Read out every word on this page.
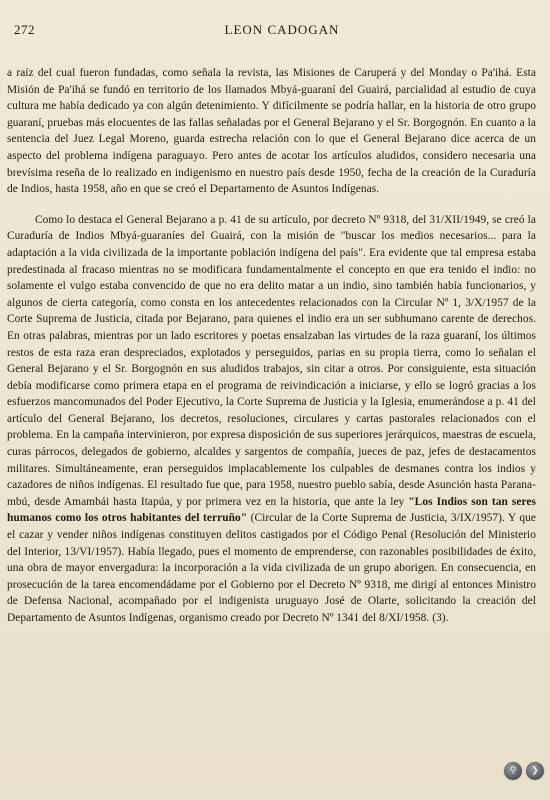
272	LEON CADOGAN

a raíz del cual fueron fundadas, como señala la revista, las Misiones de Caruperá y del Monday o Pa'ihá. Esta Misión de Pa'ihá se fundó en territorio de los llamados Mbyá-guaraní del Guairá, parcialidad al estudio de cuya cultura me había dedicado ya con algún detenimiento. Y difícilmente se podría hallar, en la historia de otro grupo guaraní, pruebas más elocuentes de las fallas señaladas por el General Bejarano y el Sr. Borgognón. En cuanto a la sentencia del Juez Legal Moreno, guarda estrecha relación con lo que el General Bejarano dice acerca de un aspecto del problema indígena paraguayo. Pero antes de acotar los artículos aludidos, considero necesaria una brevísima reseña de lo realizado en indigenismo en nuestro país desde 1950, fecha de la creación de la Curaduría de Indios, hasta 1958, año en que se creó el Departamento de Asuntos Indígenas.

Como lo destaca el General Bejarano a p. 41 de su artículo, por decreto Nº 9318, del 31/XII/1949, se creó la Curaduría de Indios Mbyá-guaraníes del Guairá, con la misión de "buscar los medios necesarios... para la adaptación a la vida civilizada de la importante población indígena del país". Era evidente que tal empresa estaba predestinada al fracaso mientras no se modificara fundamentalmente el concepto en que era tenido el indio: no solamente el vulgo estaba convencido de que no era delito matar a un indio, sino también había funcionarios, y algunos de cierta categoría, como consta en los antecedentes relacionados con la Circular Nº 1, 3/X/1957 de la Corte Suprema de Justicia, citada por Bejarano, para quienes el indio era un ser subhumano carente de derechos. En otras palabras, mientras por un lado escritores y poetas ensalzaban las virtudes de la raza guaraní, los últimos restos de esta raza eran despreciados, explotados y perseguidos, parias en su propia tierra, como lo señalan el General Bejarano y el Sr. Borgognón en sus aludidos trabajos, sin citar a otros. Por consiguiente, esta situación debía modificarse como primera etapa en el programa de reivindicación a iniciarse, y ello se logró gracias a los esfuerzos mancomunados del Poder Ejecutivo, la Corte Suprema de Justicia y la Iglesia, enumerándose a p. 41 del artículo del General Bejarano, los decretos, resoluciones, circulares y cartas pastorales relacionados con el problema. En la campaña intervinieron, por expresa disposición de sus superiores jerárquicos, maestras de escuela, curas párrocos, delegados de gobierno, alcaldes y sargentos de compañía, jueces de paz, jefes de destacamentos militares. Simultáneamente, eran perseguidos implacablemente los culpables de desmanes contra los indios y cazadores de niños indígenas. El resultado fue que, para 1958, nuestro pueblo sabía, desde Asunción hasta Parana-mbú, desde Amambái hasta Itapúa, y por primera vez en la historia, que ante la ley "Los Indios son tan seres humanos como los otros habitantes del terruño" (Circular de la Corte Suprema de Justicia, 3/IX/1957). Y que el cazar y vender niños indígenas constituyen delitos castigados por el Código Penal (Resolución del Ministerio del Interior, 13/VI/1957). Había llegado, pues el momento de emprenderse, con razonables posibilidades de éxito, una obra de mayor envergadura: la incorporación a la vida civilizada de un grupo aborigen. En consecuencia, en prosecución de la tarea encomendádame por el Gobierno por el Decreto Nº 9318, me dirigí al entonces Ministro de Defensa Nacional, acompañado por el indigenista uruguayo José de Olarte, solicitando la creación del Departamento de Asuntos Indígenas, organismo creado por Decreto Nº 1341 del 8/XI/1958. (3).

⚲ ❯
